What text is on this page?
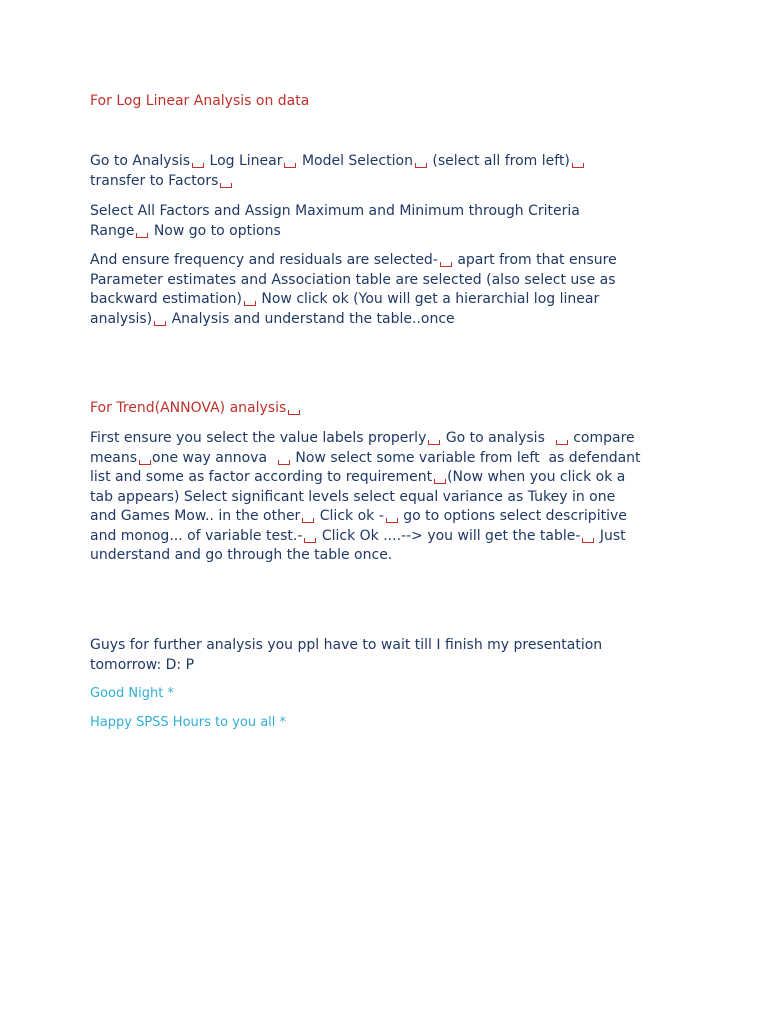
For Log Linear Analysis on data
Go to Analysis Log Linear Model Selection (select all from left)
transfer to Factors
Select All Factors and Assign Maximum and Minimum through Criteria
Range Now go to options
And ensure frequency and residuals are selected- apart from that ensure
Parameter estimates and Association table are selected (also select use as
backward estimation) Now click ok (You will get a hierarchial log linear
analysis) Analysis and understand the table..once
For Trend(ANNOVA) analysis
First ensure you select the value labels properly Go to analysis compare
means one way annova Now select some variable from left  as defendant
list and some as factor according to requirement (Now when you click ok a
tab appears) Select significant levels select equal variance as Tukey in one
and Games Mow.. in the other Click ok - go to options select descripitive
and monog... of variable test.- Click Ok ....--> you will get the table- Just
understand and go through the table once.
Guys for further analysis you ppl have to wait till I finish my presentation
tomorrow: D: P
Good Night *
Happy SPSS Hours to you all *
